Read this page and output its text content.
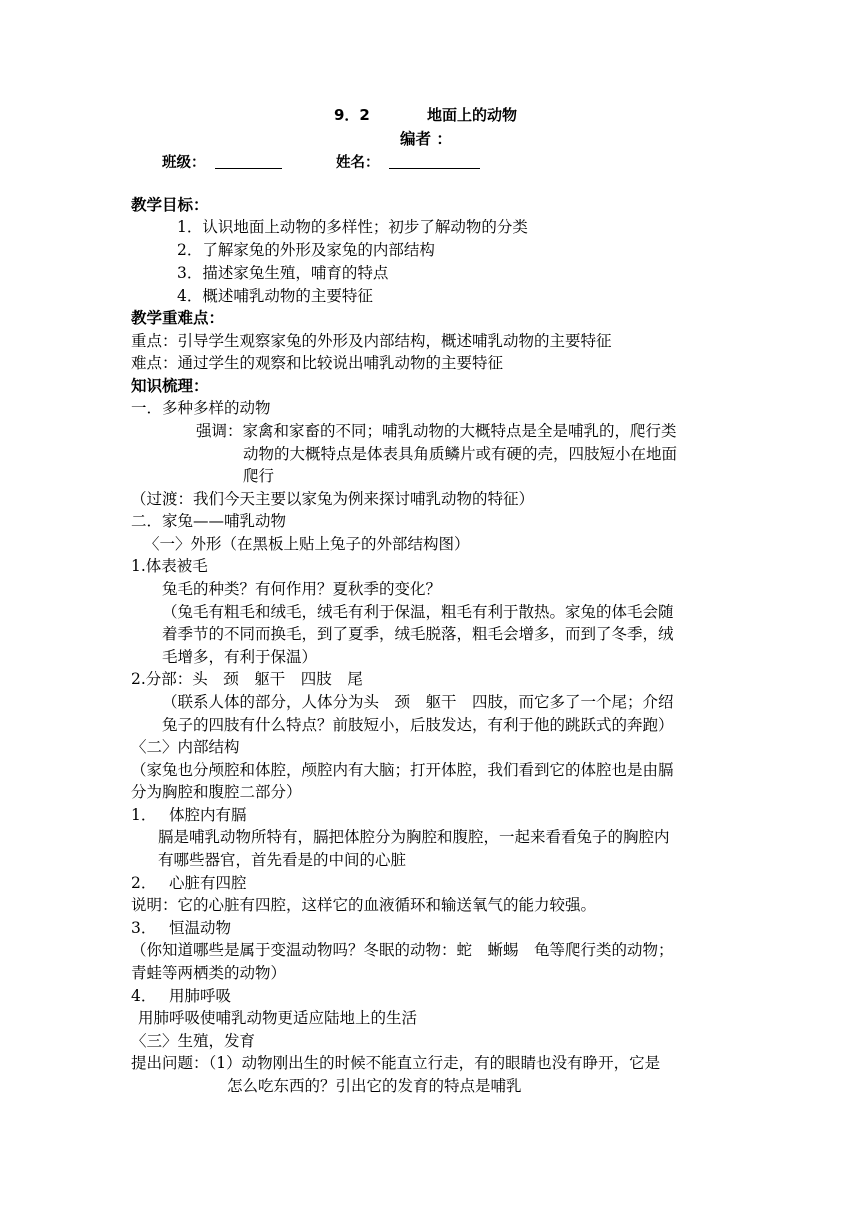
9．2	地面上的动物
编者 ：
班级：	姓名：
教学目标：
1．认识地面上动物的多样性；初步了解动物的分类
2．了解家兔的外形及家兔的内部结构
3．描述家兔生殖，哺育的特点
4．概述哺乳动物的主要特征
教学重难点：
重点：引导学生观察家兔的外形及内部结构，概述哺乳动物的主要特征
难点：通过学生的观察和比较说出哺乳动物的主要特征
知识梳理：
一．多种多样的动物
强调：家禽和家畜的不同；哺乳动物的大概特点是全是哺乳的，爬行类
动物的大概特点是体表具角质鳞片或有硬的壳，四肢短小在地面
爬行
（过渡：我们今天主要以家兔为例来探讨哺乳动物的特征）
二．家兔——哺乳动物
〈一〉外形（在黑板上贴上兔子的外部结构图）
1.体表被毛
兔毛的种类？有何作用？夏秋季的变化？
（兔毛有粗毛和绒毛，绒毛有利于保温，粗毛有利于散热。家兔的体毛会随
着季节的不同而换毛，到了夏季，绒毛脱落，粗毛会增多，而到了冬季，绒
毛增多，有利于保温）
2.分部：头　颈　躯干　四肢　尾
（联系人体的部分，人体分为头　颈　躯干　四肢，而它多了一个尾；介绍
兔子的四肢有什么特点？前肢短小，后肢发达，有利于他的跳跃式的奔跑）
〈二〉内部结构
（家兔也分颅腔和体腔，颅腔内有大脑；打开体腔，我们看到它的体腔也是由膈
分为胸腔和腹腔二部分）
1．　 体腔内有膈
膈是哺乳动物所特有，膈把体腔分为胸腔和腹腔，一起来看看兔子的胸腔内
有哪些器官，首先看是的中间的心脏
2．　 心脏有四腔
说明：它的心脏有四腔，这样它的血液循环和输送氧气的能力较强。
3．　 恒温动物
（你知道哪些是属于变温动物吗？冬眠的动物：蛇　蜥蜴　龟等爬行类的动物；
青蛙等两栖类的动物）
4．　 用肺呼吸
用肺呼吸使哺乳动物更适应陆地上的生活
〈三〉生殖，发育
提出问题：（1）动物刚出生的时候不能直立行走，有的眼睛也没有睁开，它是
怎么吃东西的？引出它的发育的特点是哺乳
